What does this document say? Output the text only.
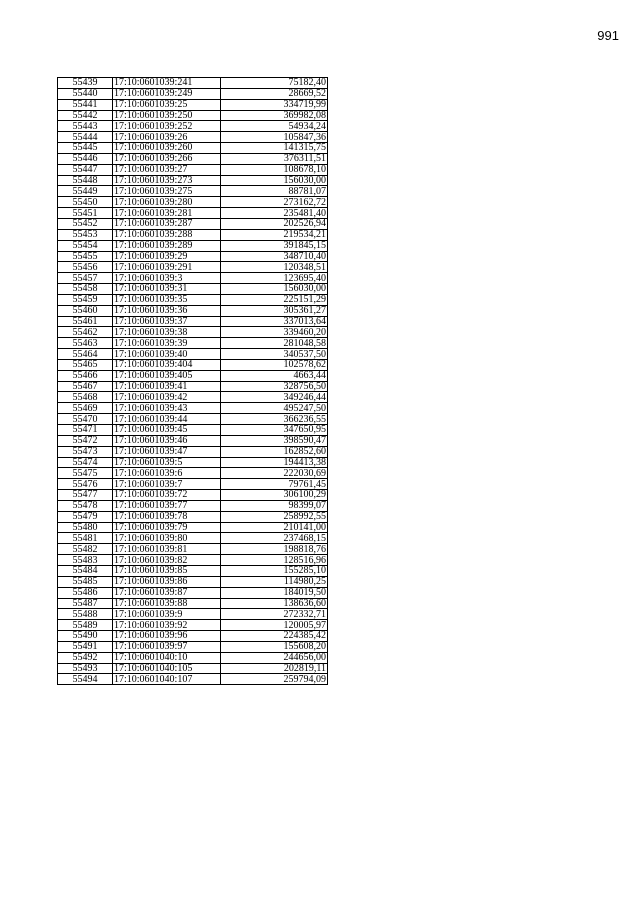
991
55439	17:10:0601039:241	75182,40
55440	17:10:0601039:249	28669,52
55441	17:10:0601039:25	334719,99
55442	17:10:0601039:250	369982,08
55443	17:10:0601039:252	54934,24
55444	17:10:0601039:26	105847,36
55445	17:10:0601039:260	141315,75
55446	17:10:0601039:266	376311,51
55447	17:10:0601039:27	108678,10
55448	17:10:0601039:273	156030,00
55449	17:10:0601039:275	88781,07
55450	17:10:0601039:280	273162,72
55451	17:10:0601039:281	235481,40
55452	17:10:0601039:287	202526,94
55453	17:10:0601039:288	219534,21
55454	17:10:0601039:289	391845,15
55455	17:10:0601039:29	348710,40
55456	17:10:0601039:291	120348,51
55457	17:10:0601039:3	123695,40
55458	17:10:0601039:31	156030,00
55459	17:10:0601039:35	225151,29
55460	17:10:0601039:36	305361,27
55461	17:10:0601039:37	337013,64
55462	17:10:0601039:38	339460,20
55463	17:10:0601039:39	281048,58
55464	17:10:0601039:40	340537,50
55465	17:10:0601039:404	102578,62
55466	17:10:0601039:405	4663,44
55467	17:10:0601039:41	328756,50
55468	17:10:0601039:42	349246,44
55469	17:10:0601039:43	495247,50
55470	17:10:0601039:44	366236,55
55471	17:10:0601039:45	347650,95
55472	17:10:0601039:46	398590,47
55473	17:10:0601039:47	162852,60
55474	17:10:0601039:5	194413,38
55475	17:10:0601039:6	222030,69
55476	17:10:0601039:7	79761,45
55477	17:10:0601039:72	306100,29
55478	17:10:0601039:77	98399,07
55479	17:10:0601039:78	258992,55
55480	17:10:0601039:79	210141,00
55481	17:10:0601039:80	237468,15
55482	17:10:0601039:81	198818,76
55483	17:10:0601039:82	128516,96
55484	17:10:0601039:85	155285,10
55485	17:10:0601039:86	114980,25
55486	17:10:0601039:87	184019,50
55487	17:10:0601039:88	138636,60
55488	17:10:0601039:9	272332,71
55489	17:10:0601039:92	120005,97
55490	17:10:0601039:96	224385,42
55491	17:10:0601039:97	155608,20
55492	17:10:0601040:10	244656,00
55493	17:10:0601040:105	202819,11
55494	17:10:0601040:107	259794,09
